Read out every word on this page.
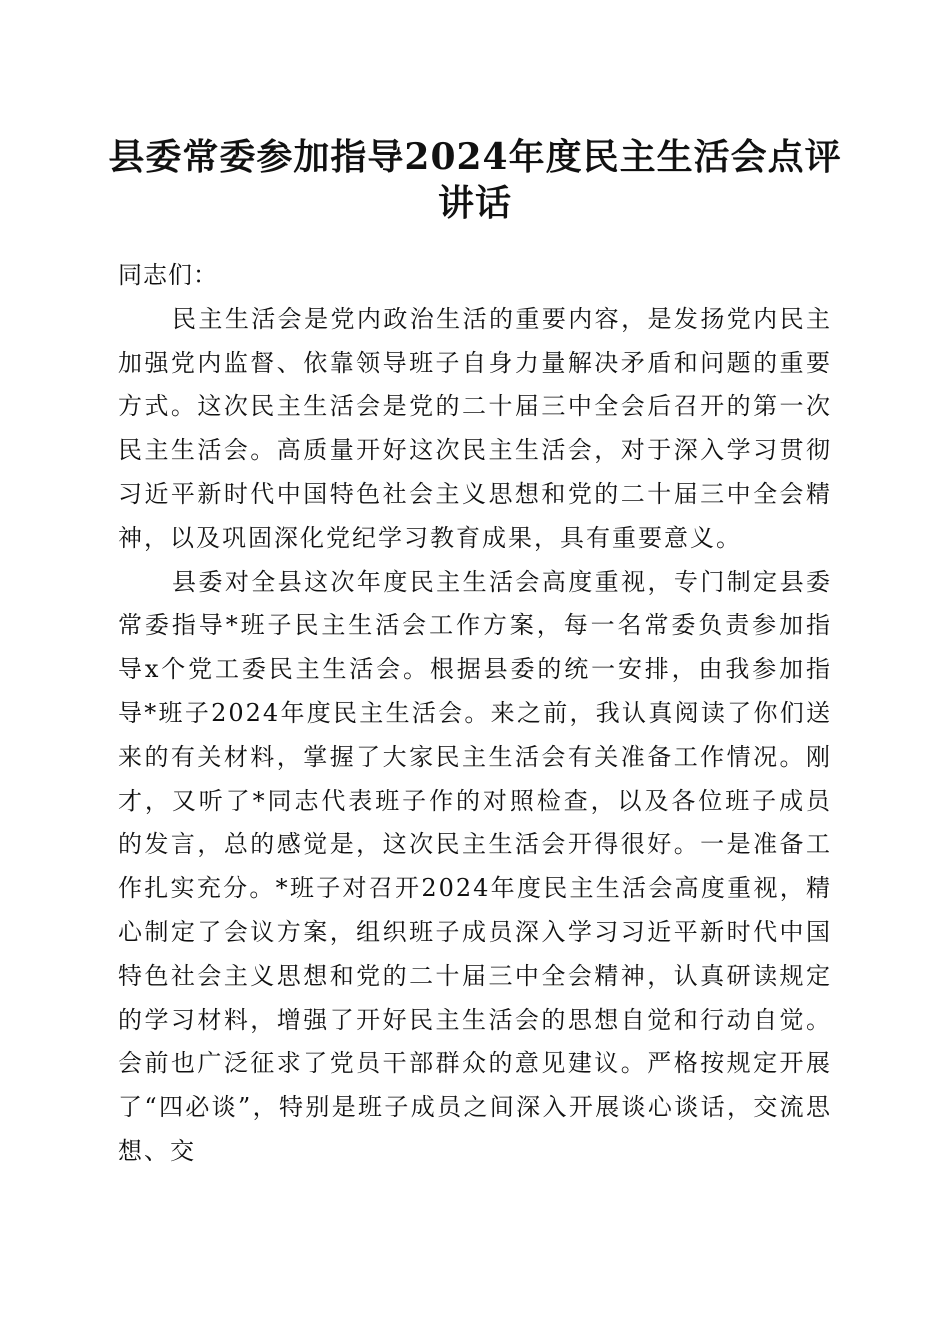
县委常委参加指导2024年度民主生活会点评讲话

同志们：

民主生活会是党内政治生活的重要内容，是发扬党内民主加强党内监督、依靠领导班子自身力量解决矛盾和问题的重要方式。这次民主生活会是党的二十届三中全会后召开的第一次民主生活会。高质量开好这次民主生活会，对于深入学习贯彻习近平新时代中国特色社会主义思想和党的二十届三中全会精神，以及巩固深化党纪学习教育成果，具有重要意义。

县委对全县这次年度民主生活会高度重视，专门制定县委常委指导*班子民主生活会工作方案，每一名常委负责参加指导x个党工委民主生活会。根据县委的统一安排，由我参加指导*班子2024年度民主生活会。来之前，我认真阅读了你们送来的有关材料，掌握了大家民主生活会有关准备工作情况。刚才，又听了*同志代表班子作的对照检查，以及各位班子成员的发言，总的感觉是，这次民主生活会开得很好。一是准备工作扎实充分。*班子对召开2024年度民主生活会高度重视，精心制定了会议方案，组织班子成员深入学习习近平新时代中国特色社会主义思想和党的二十届三中全会精神，认真研读规定的学习材料，增强了开好民主生活会的思想自觉和行动自觉。会前也广泛征求了党员干部群众的意见建议。严格按规定开展了“四必谈”，特别是班子成员之间深入开展谈心谈话，交流思想、交
